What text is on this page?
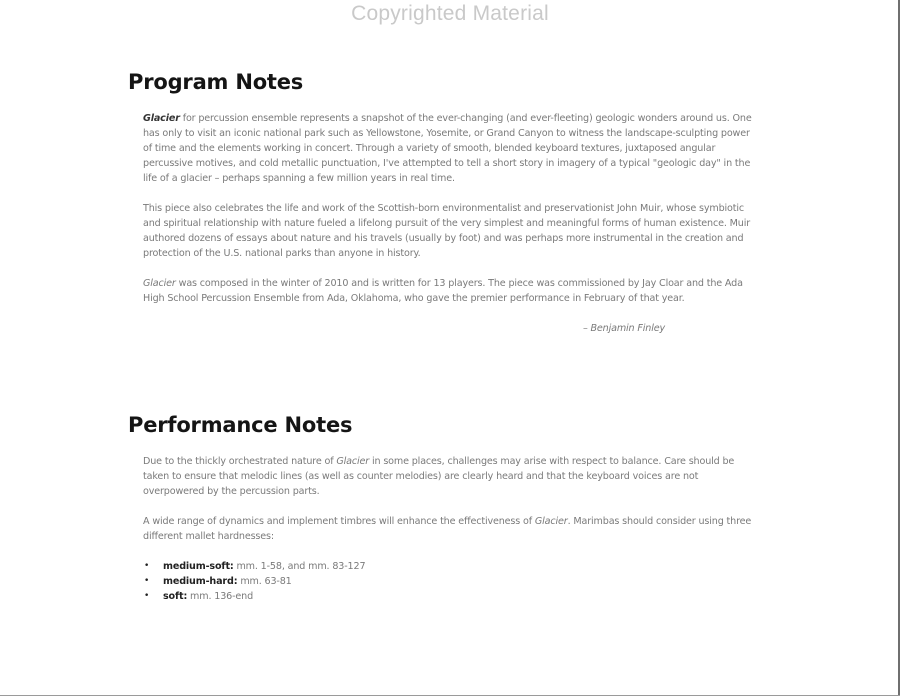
Copyrighted Material
Program Notes

Glacier for percussion ensemble represents a snapshot of the ever-changing (and ever-fleeting) geologic wonders around us. One has only to visit an iconic national park such as Yellowstone, Yosemite, or Grand Canyon to witness the landscape-sculpting power of time and the elements working in concert. Through a variety of smooth, blended keyboard textures, juxtaposed angular percussive motives, and cold metallic punctuation, I've attempted to tell a short story in imagery of a typical "geologic day" in the life of a glacier – perhaps spanning a few million years in real time.

This piece also celebrates the life and work of the Scottish-born environmentalist and preservationist John Muir, whose symbiotic and spiritual relationship with nature fueled a lifelong pursuit of the very simplest and meaningful forms of human existence. Muir authored dozens of essays about nature and his travels (usually by foot) and was perhaps more instrumental in the creation and protection of the U.S. national parks than anyone in history.

Glacier was composed in the winter of 2010 and is written for 13 players. The piece was commissioned by Jay Cloar and the Ada High School Percussion Ensemble from Ada, Oklahoma, who gave the premier performance in February of that year.

– Benjamin Finley

Performance Notes

Due to the thickly orchestrated nature of Glacier in some places, challenges may arise with respect to balance. Care should be taken to ensure that melodic lines (as well as counter melodies) are clearly heard and that the keyboard voices are not overpowered by the percussion parts.

A wide range of dynamics and implement timbres will enhance the effectiveness of Glacier. Marimbas should consider using three different mallet hardnesses:

• medium-soft: mm. 1-58, and mm. 83-127
• medium-hard: mm. 63-81
• soft: mm. 136-end
